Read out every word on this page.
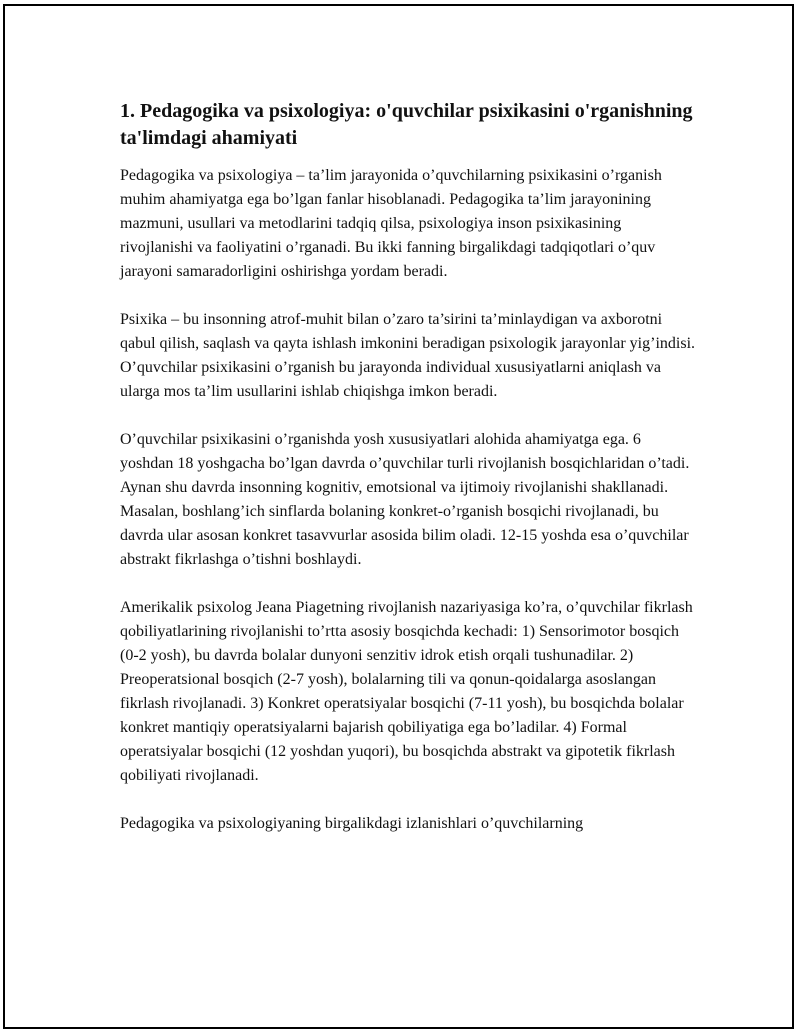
1. Pedagogika va psixologiya: o'quvchilar psixikasini o'rganishning ta'limdagi ahamiyati

Pedagogika va psixologiya – ta’lim jarayonida o’quvchilarning psixikasini o’rganish muhim ahamiyatga ega bo’lgan fanlar hisoblanadi. Pedagogika ta’lim jarayonining mazmuni, usullari va metodlarini tadqiq qilsa, psixologiya inson psixikasining rivojlanishi va faoliyatini o’rganadi. Bu ikki fanning birgalikdagi tadqiqotlari o’quv jarayoni samaradorligini oshirishga yordam beradi.

Psixika – bu insonning atrof-muhit bilan o’zaro ta’sirini ta’minlaydigan va axborotni qabul qilish, saqlash va qayta ishlash imkonini beradigan psixologik jarayonlar yig’indisi. O’quvchilar psixikasini o’rganish bu jarayonda individual xususiyatlarni aniqlash va ularga mos ta’lim usullarini ishlab chiqishga imkon beradi.

O’quvchilar psixikasini o’rganishda yosh xususiyatlari alohida ahamiyatga ega. 6 yoshdan 18 yoshgacha bo’lgan davrda o’quvchilar turli rivojlanish bosqichlaridan o’tadi. Aynan shu davrda insonning kognitiv, emotsional va ijtimoiy rivojlanishi shakllanadi. Masalan, boshlang’ich sinflarda bolaning konkret-o’rganish bosqichi rivojlanadi, bu davrda ular asosan konkret tasavvurlar asosida bilim oladi. 12-15 yoshda esa o’quvchilar abstrakt fikrlashga o’tishni boshlaydi.

Amerikalik psixolog Jeana Piagetning rivojlanish nazariyasiga ko’ra, o’quvchilar fikrlash qobiliyatlarining rivojlanishi to’rtta asosiy bosqichda kechadi: 1) Sensorimotor bosqich (0-2 yosh), bu davrda bolalar dunyoni senzitiv idrok etish orqali tushunadilar. 2) Preoperatsional bosqich (2-7 yosh), bolalarning tili va qonun-qoidalarga asoslangan fikrlash rivojlanadi. 3) Konkret operatsiyalar bosqichi (7-11 yosh), bu bosqichda bolalar konkret mantiqiy operatsiyalarni bajarish qobiliyatiga ega bo’ladilar. 4) Formal operatsiyalar bosqichi (12 yoshdan yuqori), bu bosqichda abstrakt va gipotetik fikrlash qobiliyati rivojlanadi.

Pedagogika va psixologiyaning birgalikdagi izlanishlari o’quvchilarning
